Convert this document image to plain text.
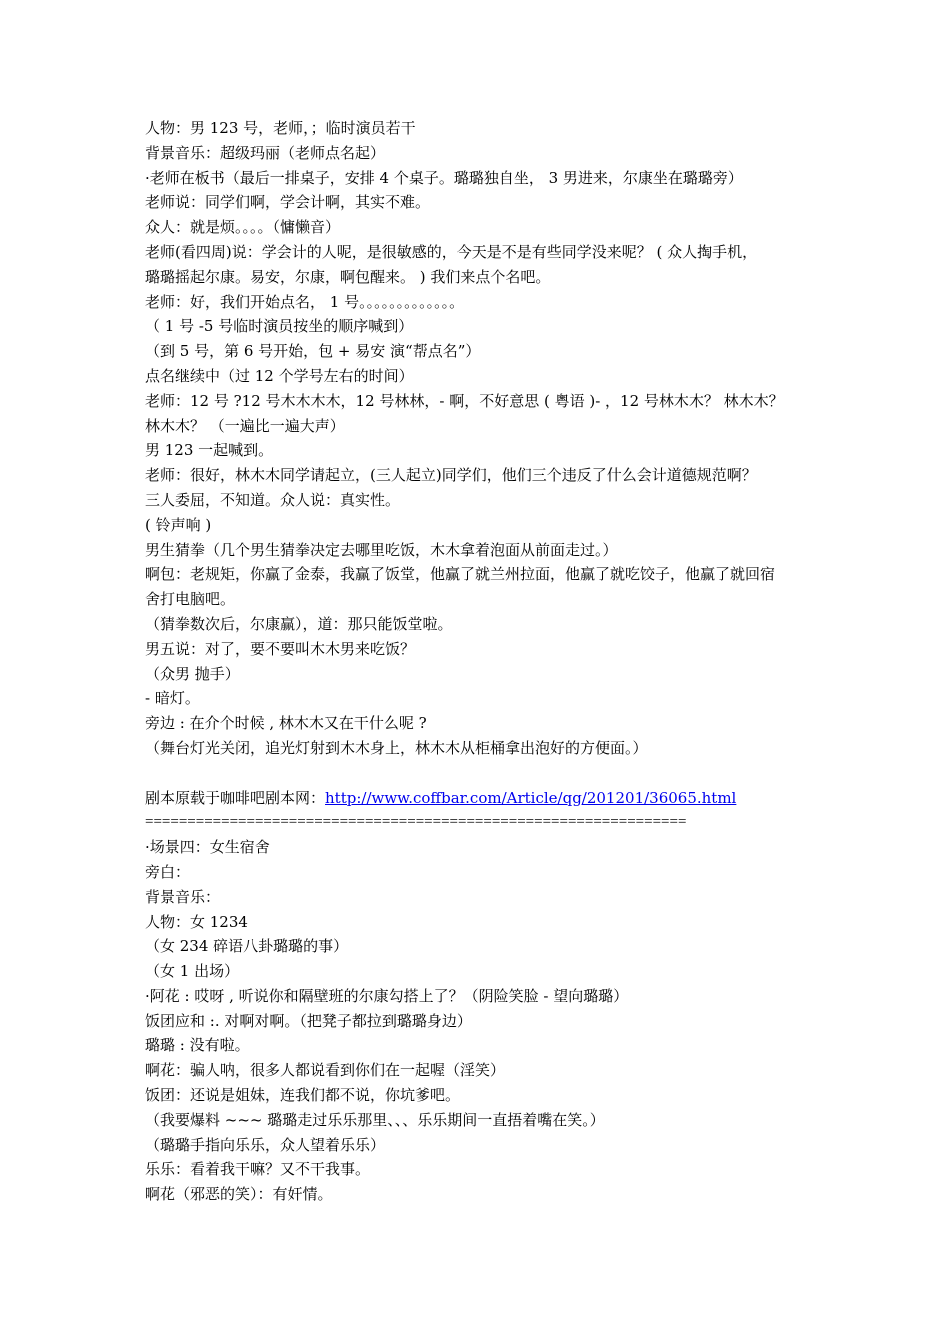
人物：男 123 号，老师，；临时演员若干

背景音乐：超级玛丽（老师点名起）

·老师在板书（最后一排桌子，安排 4 个桌子。璐璐独自坐， 3 男进来，尔康坐在璐璐旁）

老师说：同学们啊，学会计啊，其实不难。

众人：就是烦。。。。（慵懒音）

老师(看四周)说：学会计的人呢，是很敏感的，今天是不是有些同学没来呢？ ( 众人掏手机，

璐璐摇起尔康。易安，尔康，啊包醒来。 ) 我们来点个名吧。

老师：好，我们开始点名， 1 号。。。。。。。。。。。。。

（ 1 号 -5 号临时演员按坐的顺序喊到）

（到 5 号，第 6 号开始，包 + 易安 演“帮点名”）

点名继续中（过 12 个学号左右的时间）

老师：12 号 ?12 号木木木木，12 号林林，- 啊，不好意思 ( 粤语 )- ，12 号林木木？ 林木木？

林木木？ （一遍比一遍大声）

男 123 一起喊到。

老师：很好，林木木同学请起立，(三人起立)同学们，他们三个违反了什么会计道德规范啊？

三人委屈，不知道。众人说：真实性。

( 铃声响 )

男生猜拳（几个男生猜拳决定去哪里吃饭，木木拿着泡面从前面走过。）

啊包：老规矩，你赢了金泰，我赢了饭堂，他赢了就兰州拉面，他赢了就吃饺子，他赢了就回宿

舍打电脑吧。

（猜拳数次后，尔康赢），道：那只能饭堂啦。

男五说：对了，要不要叫木木男来吃饭？

（众男 抛手）

- 暗灯。

旁边 : 在介个时候 , 林木木又在干什么呢 ?

（舞台灯光关闭，追光灯射到木木身上，林木木从柜桶拿出泡好的方便面。）

剧本原载于咖啡吧剧本网：http://www.coffbar.com/Article/qg/201201/36065.html

================================================================

·场景四：女生宿舍

旁白：

背景音乐：

人物：女 1234

（女 234 碎语八卦璐璐的事）

（女 1 出场）

·阿花 : 哎呀 , 听说你和隔壁班的尔康勾搭上了？（阴险笑脸 - 望向璐璐）

饭团应和 :. 对啊对啊。（把凳子都拉到璐璐身边）

璐璐 : 没有啦。

啊花：骗人呐，很多人都说看到你们在一起喔（淫笑）

饭团：还说是姐妹，连我们都不说，你坑爹吧。

（我要爆料 ~~~ 璐璐走过乐乐那里、、、乐乐期间一直捂着嘴在笑。）

（璐璐手指向乐乐，众人望着乐乐）

乐乐：看着我干嘛？又不干我事。

啊花（邪恶的笑）：有奸情。
